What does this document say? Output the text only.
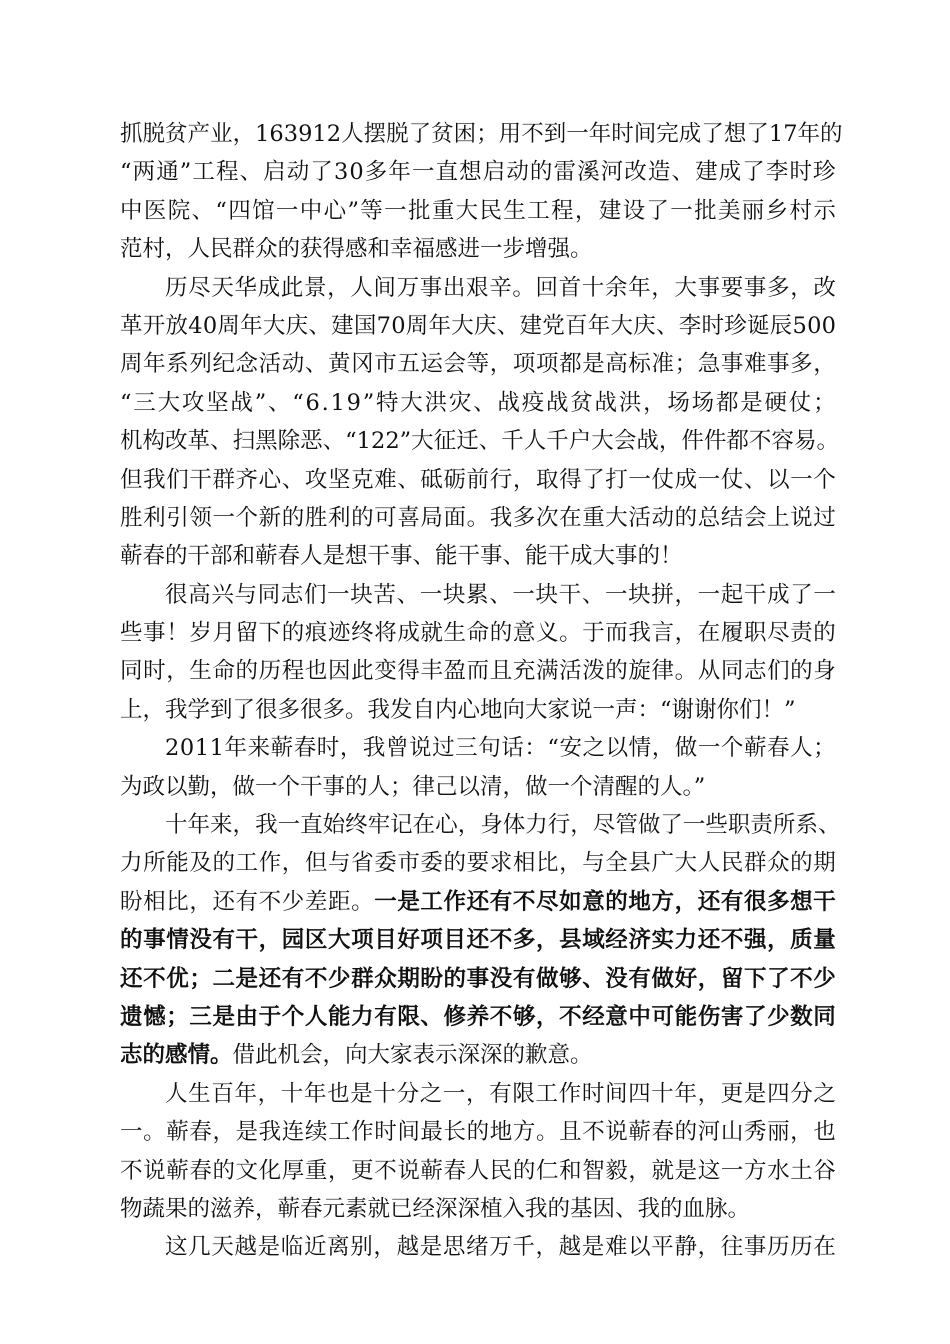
抓 脱 贫 产 业 ， 1 6 3 9 1 2 人 摆 脱 了 贫 困 ； 用 不 到 一 年 时 间 完 成 了 想 了 1 7 年 的
“ 两 通 ” 工 程 、 启 动 了 3 0 多 年 一 直 想 启 动 的 雷 溪 河 改 造 、 建 成 了 李 时 珍
中 医 院 、 “ 四 馆 一 中 心 ” 等 一 批 重 大 民 生 工 程 ， 建 设 了 一 批 美 丽 乡 村 示
范村，人民群众的获得感和幸福感进一步增强。
历 尽 天 华 成 此 景 ， 人 间 万 事 出 艰 辛 。 回 首 十 余 年 ， 大 事 要 事 多 ， 改
革 开 放 4 0 周 年 大 庆 、 建 国 7 0 周 年 大 庆 、 建 党 百 年 大 庆 、 李 时 珍 诞 辰 5 0 0
周 年 系 列 纪 念 活 动 、 黄 冈 市 五 运 会 等 ， 项 项 都 是 高 标 准 ； 急 事 难 事 多 ，
“ 三 大 攻 坚 战 ” 、 “ 6 . 1 9 ” 特 大 洪 灾 、 战 疫 战 贫 战 洪 ， 场 场 都 是 硬 仗 ；
机 构 改 革 、 扫 黑 除 恶 、 “ 1 2 2 ” 大 征 迁 、 千 人 千 户 大 会 战 ， 件 件 都 不 容 易 。
但 我 们 干 群 齐 心 、 攻 坚 克 难 、 砥 砺 前 行 ， 取 得 了 打 一 仗 成 一 仗 、 以 一 个
胜 利 引 领 一 个 新 的 胜 利 的 可 喜 局 面 。 我 多 次 在 重 大 活 动 的 总 结 会 上 说 过
蕲春的干部和蕲春人是想干事、能干事、能干成大事的！
很 高 兴 与 同 志 们 一 块 苦 、 一 块 累 、 一 块 干 、 一 块 拼 ， 一 起 干 成 了 一
些 事 ！ 岁 月 留 下 的 痕 迹 终 将 成 就 生 命 的 意 义 。 于 而 我 言 ， 在 履 职 尽 责 的
同 时 ， 生 命 的 历 程 也 因 此 变 得 丰 盈 而 且 充 满 活 泼 的 旋 律 。 从 同 志 们 的 身
上，我学到了很多很多。我发自内心地向大家说一声：“谢谢你们！”
2 0 1 1 年 来 蕲 春 时 ， 我 曾 说 过 三 句 话 ： “ 安 之 以 情 ， 做 一 个 蕲 春 人 ；
为政以勤，做一个干事的人；律己以清，做一个清醒的人。”
十 年 来 ， 我 一 直 始 终 牢 记 在 心 ， 身 体 力 行 ， 尽 管 做 了 一 些 职 责 所 系 、
力 所 能 及 的 工 作 ， 但 与 省 委 市 委 的 要 求 相 比 ， 与 全 县 广 大 人 民 群 众 的 期
盼 相 比 ， 还 有 不 少 差 距 。 一 是 工 作 还 有 不 尽 如 意 的 地 方 ， 还 有 很 多 想 干
的 事 情 没 有 干 ， 园 区 大 项 目 好 项 目 还 不 多 ， 县 域 经 济 实 力 还 不 强 ， 质 量
还 不 优 ； 二 是 还 有 不 少 群 众 期 盼 的 事 没 有 做 够 、 没 有 做 好 ， 留 下 了 不 少
遗 憾 ； 三 是 由 于 个 人 能 力 有 限 、 修 养 不 够 ， 不 经 意 中 可 能 伤 害 了 少 数 同
志的感情。借此机会，向大家表示深深的歉意。
人 生 百 年 ， 十 年 也 是 十 分 之 一 ， 有 限 工 作 时 间 四 十 年 ， 更 是 四 分 之
一 。 蕲 春 ， 是 我 连 续 工 作 时 间 最 长 的 地 方 。 且 不 说 蕲 春 的 河 山 秀 丽 ， 也
不 说 蕲 春 的 文 化 厚 重 ， 更 不 说 蕲 春 人 民 的 仁 和 智 毅 ， 就 是 这 一 方 水 土 谷
物蔬果的滋养，蕲春元素就已经深深植入我的基因、我的血脉。
这 几 天 越 是 临 近 离 别 ， 越 是 思 绪 万 千 ， 越 是 难 以 平 静 ， 往 事 历 历 在
